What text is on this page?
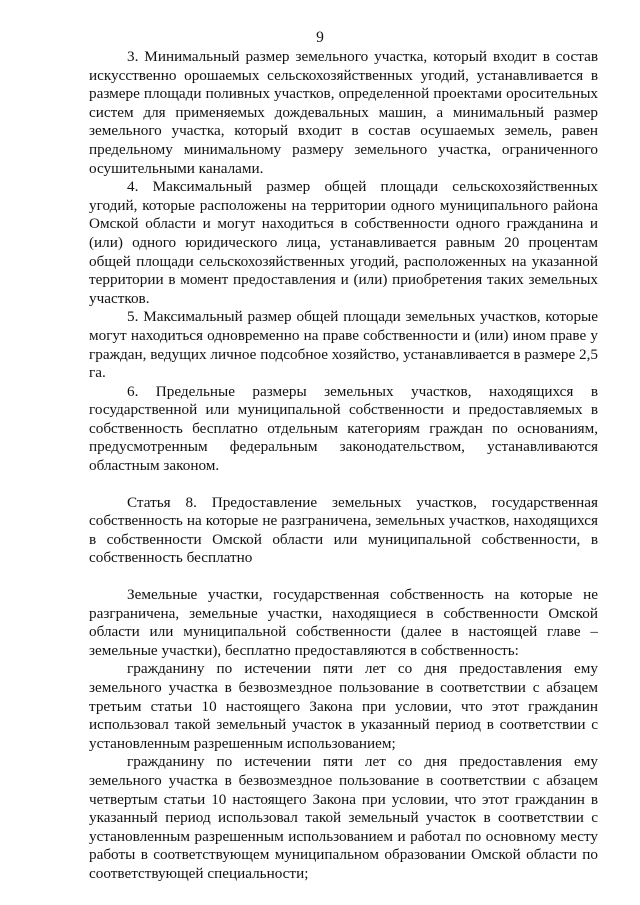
9

3. Минимальный размер земельного участка, который входит в состав искусственно орошаемых сельскохозяйственных угодий, устанавливается в размере площади поливных участков, определенной проектами оросительных систем для применяемых дождевальных машин, а минимальный размер земельного участка, который входит в состав осушаемых земель, равен предельному минимальному размеру земельного участка, ограниченного осушительными каналами.

4. Максимальный размер общей площади сельскохозяйственных угодий, которые расположены на территории одного муниципального района Омской области и могут находиться в собственности одного гражданина и (или) одного юридического лица, устанавливается равным 20 процентам общей площади сельскохозяйственных угодий, расположенных на указанной территории в момент предоставления и (или) приобретения таких земельных участков.

5. Максимальный размер общей площади земельных участков, которые могут находиться одновременно на праве собственности и (или) ином праве у граждан, ведущих личное подсобное хозяйство, устанавливается в размере 2,5 га.

6. Предельные размеры земельных участков, находящихся в государственной или муниципальной собственности и предоставляемых в собственность бесплатно отдельным категориям граждан по основаниям, предусмотренным федеральным законодательством, устанавливаются областным законом.

Статья 8. Предоставление земельных участков, государственная собственность на которые не разграничена, земельных участков, находящихся в собственности Омской области или муниципальной собственности, в собственность бесплатно

Земельные участки, государственная собственность на которые не разграничена, земельные участки, находящиеся в собственности Омской области или муниципальной собственности (далее в настоящей главе – земельные участки), бесплатно предоставляются в собственность:

гражданину по истечении пяти лет со дня предоставления ему земельного участка в безвозмездное пользование в соответствии с абзацем третьим статьи 10 настоящего Закона при условии, что этот гражданин использовал такой земельный участок в указанный период в соответствии с установленным разрешенным использованием;

гражданину по истечении пяти лет со дня предоставления ему земельного участка в безвозмездное пользование в соответствии с абзацем четвертым статьи 10 настоящего Закона при условии, что этот гражданин в указанный период использовал такой земельный участок в соответствии с установленным разрешенным использованием и работал по основному месту работы в соответствующем муниципальном образовании Омской области по соответствующей специальности;
